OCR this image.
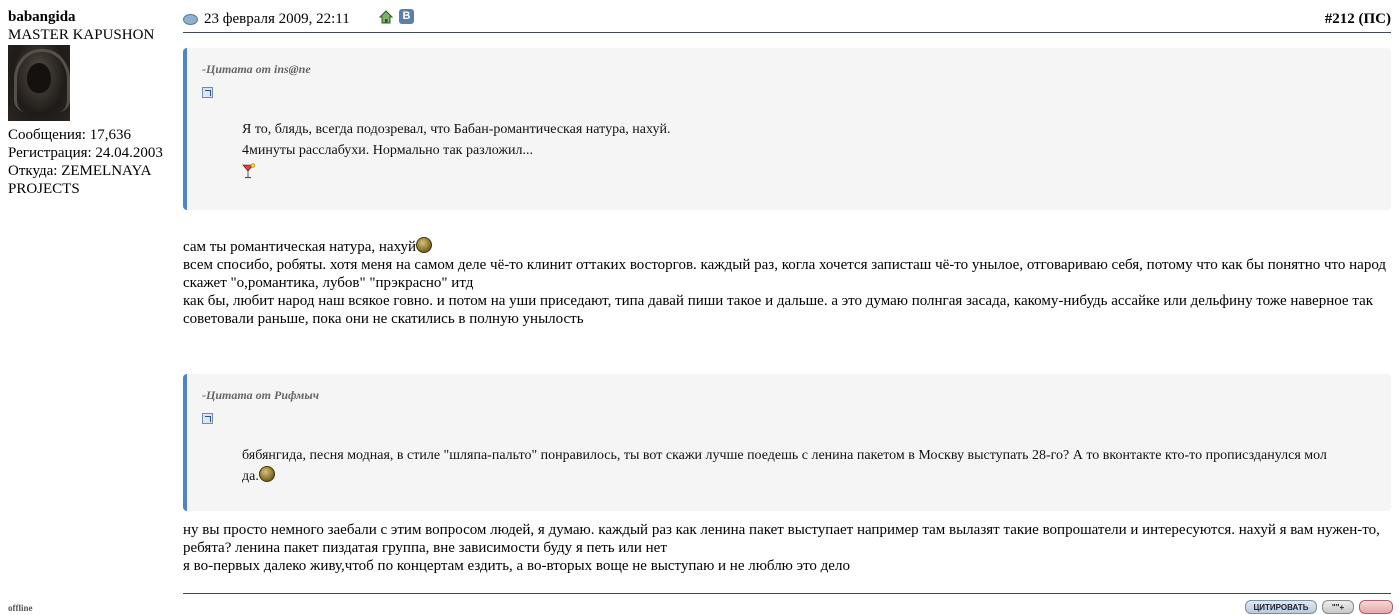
babangida
MASTER KAPUSHON
Сообщения: 17,636
Регистрация: 24.04.2003
Откуда: ZEMELNAYA
PROJECTS
offline
23 февраля 2009, 22:11	В	#212 (ПС)
-Цитата от ins@ne
Я то, блядь, всегда подозревал, что Бабан-романтическая натура, нахуй.
4минуты расслабухи. Нормально так разложил...
сам ты романтическая натура, нахуй
всем спосибо, робяты. хотя меня на самом деле чё-то клинит оттаких восторгов. каждый раз, когла хочется записташ чё-то унылое, отговариваю себя, потому что как бы понятно что народ скажет "о,романтика, лубов" "прэкрасно" итд
как бы, любит народ наш всякое говно. и потом на уши приседают, типа давай пиши такое и дальше. а это думаю полнгая засада, какому-нибудь ассайке или дельфину тоже наверное так советовали раньше, пока они не скатились в полную унылость
-Цитата от Рифмыч
бябянгида, песня модная, в стиле "шляпа-пальто" понравилось, ты вот скажи лучше поедешь с ленина пакетом в Москву выступать 28-го? А то вконтакте кто-то прописзданулся мол
да.
ну вы просто немного заебали с этим вопросом людей, я думаю. каждый раз как ленина пакет выступает например там вылазят такие вопрошатели и интересуются. нахуй я вам нужен-то, ребята? ленина пакет пиздатая группа, вне зависимости буду я петь или нет
я во-первых далеко живу,чтоб по концертам ездить, а во-вторых воще не выступаю и не люблю это дело
ЦИТИРОВАТЬ	""+
